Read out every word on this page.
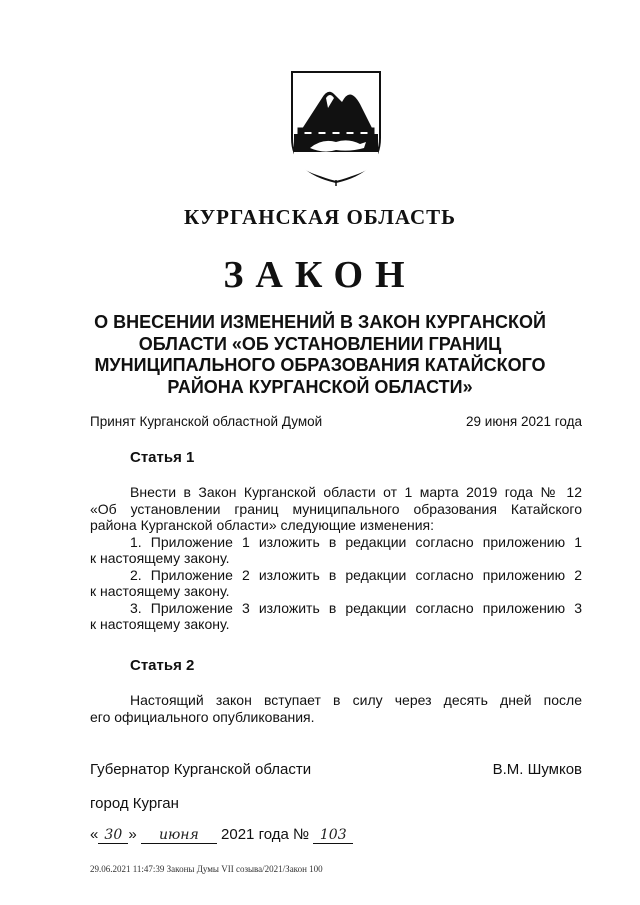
КУРГАНСКАЯ ОБЛАСТЬ
ЗАКОН
О ВНЕСЕНИИ ИЗМЕНЕНИЙ В ЗАКОН КУРГАНСКОЙ
ОБЛАСТИ «ОБ УСТАНОВЛЕНИИ ГРАНИЦ
МУНИЦИПАЛЬНОГО ОБРАЗОВАНИЯ КАТАЙСКОГО
РАЙОНА КУРГАНСКОЙ ОБЛАСТИ»
Принят Курганской областной Думой	29 июня 2021 года
Статья 1
Внести в Закон Курганской области от 1 марта 2019 года № 12
«Об установлении границ муниципального образования Катайского
района Курганской области» следующие изменения:
1. Приложение 1 изложить в редакции согласно приложению 1
к настоящему закону.
2. Приложение 2 изложить в редакции согласно приложению 2
к настоящему закону.
3. Приложение 3 изложить в редакции согласно приложению 3
к настоящему закону.
Статья 2
Настоящий закон вступает в силу через десять дней после
его официального опубликования.
Губернатор Курганской области	В.М. Шумков
город Курган
« 30 » июня 2021 года № 103
29.06.2021 11:47:39 Законы Думы VII созыва/2021/Закон 100
